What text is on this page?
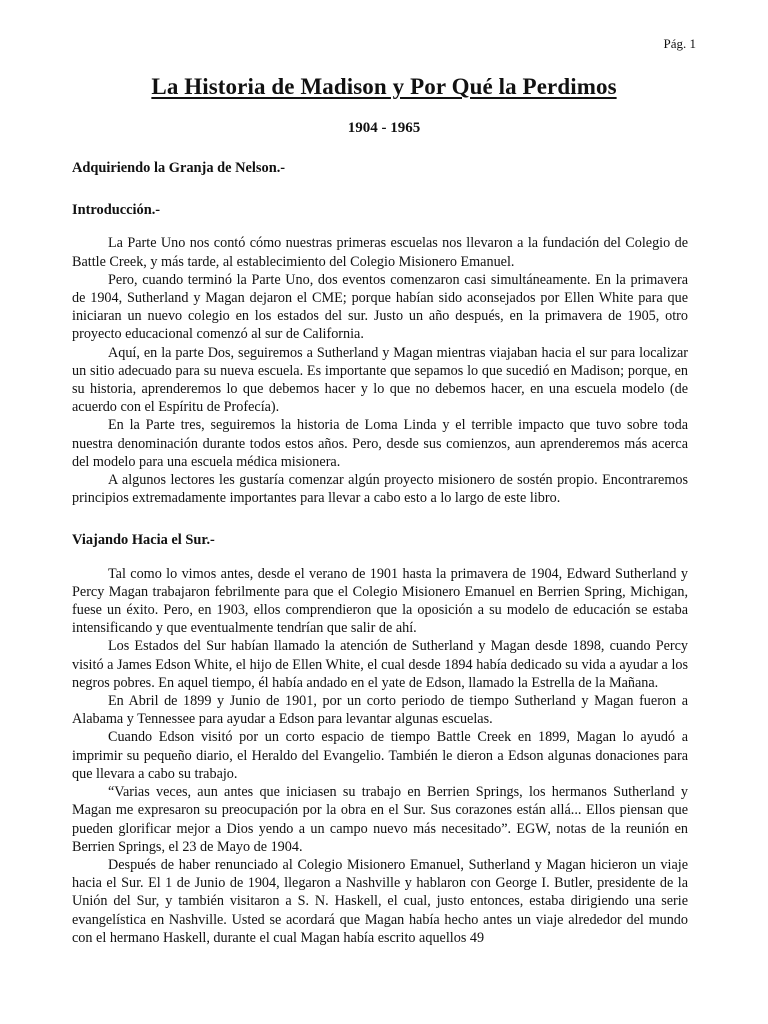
Pág. 1
La Historia de Madison y Por Qué la Perdimos
1904 - 1965

Adquiriendo la Granja de Nelson.-

Introducción.-

La Parte Uno nos contó cómo nuestras primeras escuelas nos llevaron a la fundación del Colegio de Battle Creek, y más tarde, al establecimiento del Colegio Misionero Emanuel.

Pero, cuando terminó la Parte Uno, dos eventos comenzaron casi simultáneamente. En la primavera de 1904, Sutherland y Magan dejaron el CME; porque habían sido aconsejados por Ellen White para que iniciaran un nuevo colegio en los estados del sur. Justo un año después, en la primavera de 1905, otro proyecto educacional comenzó al sur de California.

Aquí, en la parte Dos, seguiremos a Sutherland y Magan mientras viajaban hacia el sur para localizar un sitio adecuado para su nueva escuela. Es importante que sepamos lo que sucedió en Madison; porque, en su historia, aprenderemos lo que debemos hacer y lo que no debemos hacer, en una escuela modelo (de acuerdo con el Espíritu de Profecía).

En la Parte tres, seguiremos la historia de Loma Linda y el terrible impacto que tuvo sobre toda nuestra denominación durante todos estos años. Pero, desde sus comienzos, aun aprenderemos más acerca del modelo para una escuela médica misionera.

A algunos lectores les gustaría comenzar algún proyecto misionero de sostén propio. Encontraremos principios extremadamente importantes para llevar a cabo esto a lo largo de este libro.

Viajando Hacia el Sur.-

Tal como lo vimos antes, desde el verano de 1901 hasta la primavera de 1904, Edward Sutherland y Percy Magan trabajaron febrilmente para que el Colegio Misionero Emanuel en Berrien Spring, Michigan, fuese un éxito. Pero, en 1903, ellos comprendieron que la oposición a su modelo de educación se estaba intensificando y que eventualmente tendrían que salir de ahí.

Los Estados del Sur habían llamado la atención de Sutherland y Magan desde 1898, cuando Percy visitó a James Edson White, el hijo de Ellen White, el cual desde 1894 había dedicado su vida a ayudar a los negros pobres. En aquel tiempo, él había andado en el yate de Edson, llamado la Estrella de la Mañana.

En Abril de 1899 y Junio de 1901, por un corto periodo de tiempo Sutherland y Magan fueron a Alabama y Tennessee para ayudar a Edson para levantar algunas escuelas.

Cuando Edson visitó por un corto espacio de tiempo Battle Creek en 1899, Magan lo ayudó a imprimir su pequeño diario, el Heraldo del Evangelio. También le dieron a Edson algunas donaciones para que llevara a cabo su trabajo.

“Varias veces, aun antes que iniciasen su trabajo en Berrien Springs, los hermanos Sutherland y Magan me expresaron su preocupación por la obra en el Sur. Sus corazones están allá... Ellos piensan que pueden glorificar mejor a Dios yendo a un campo nuevo más necesitado”. EGW, notas de la reunión en Berrien Springs, el 23 de Mayo de 1904.

Después de haber renunciado al Colegio Misionero Emanuel, Sutherland y Magan hicieron un viaje hacia el Sur. El 1 de Junio de 1904, llegaron a Nashville y hablaron con George I. Butler, presidente de la Unión del Sur, y también visitaron a S. N. Haskell, el cual, justo entonces, estaba dirigiendo una serie evangelística en Nashville. Usted se acordará que Magan había hecho antes un viaje alrededor del mundo con el hermano Haskell, durante el cual Magan había escrito aquellos 49
